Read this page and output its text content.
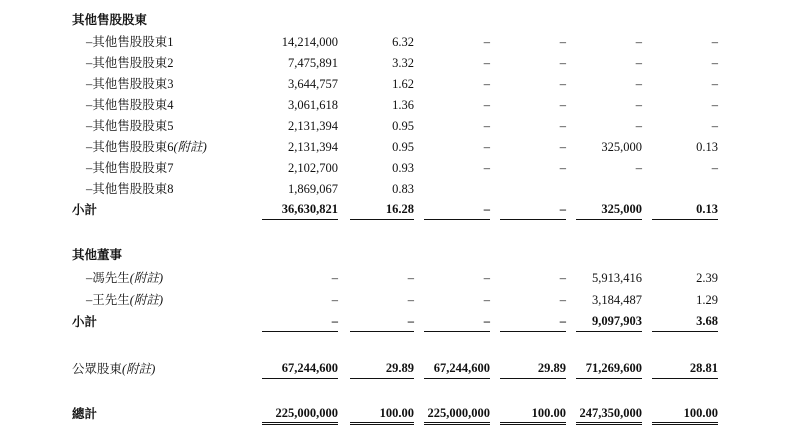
其他售股股東
–其他售股股東1	14,214,000	6.32	–	–	–	–
–其他售股股東2	7,475,891	3.32	–	–	–	–
–其他售股股東3	3,644,757	1.62	–	–	–	–
–其他售股股東4	3,061,618	1.36	–	–	–	–
–其他售股股東5	2,131,394	0.95	–	–	–	–
–其他售股股東6(附註)	2,131,394	0.95	–	–	325,000	0.13
–其他售股股東7	2,102,700	0.93	–	–	–	–
–其他售股股東8	1,869,067	0.83
小計	36,630,821	16.28	–	–	325,000	0.13
其他董事
–馮先生(附註)	–	–	–	–	5,913,416	2.39
–王先生(附註)	–	–	–	–	3,184,487	1.29
小計	–	–	–	–	9,097,903	3.68
公眾股東(附註)	67,244,600	29.89	67,244,600	29.89	71,269,600	28.81
總計	225,000,000	100.00 225,000,000	100.00 247,350,000	100.00
